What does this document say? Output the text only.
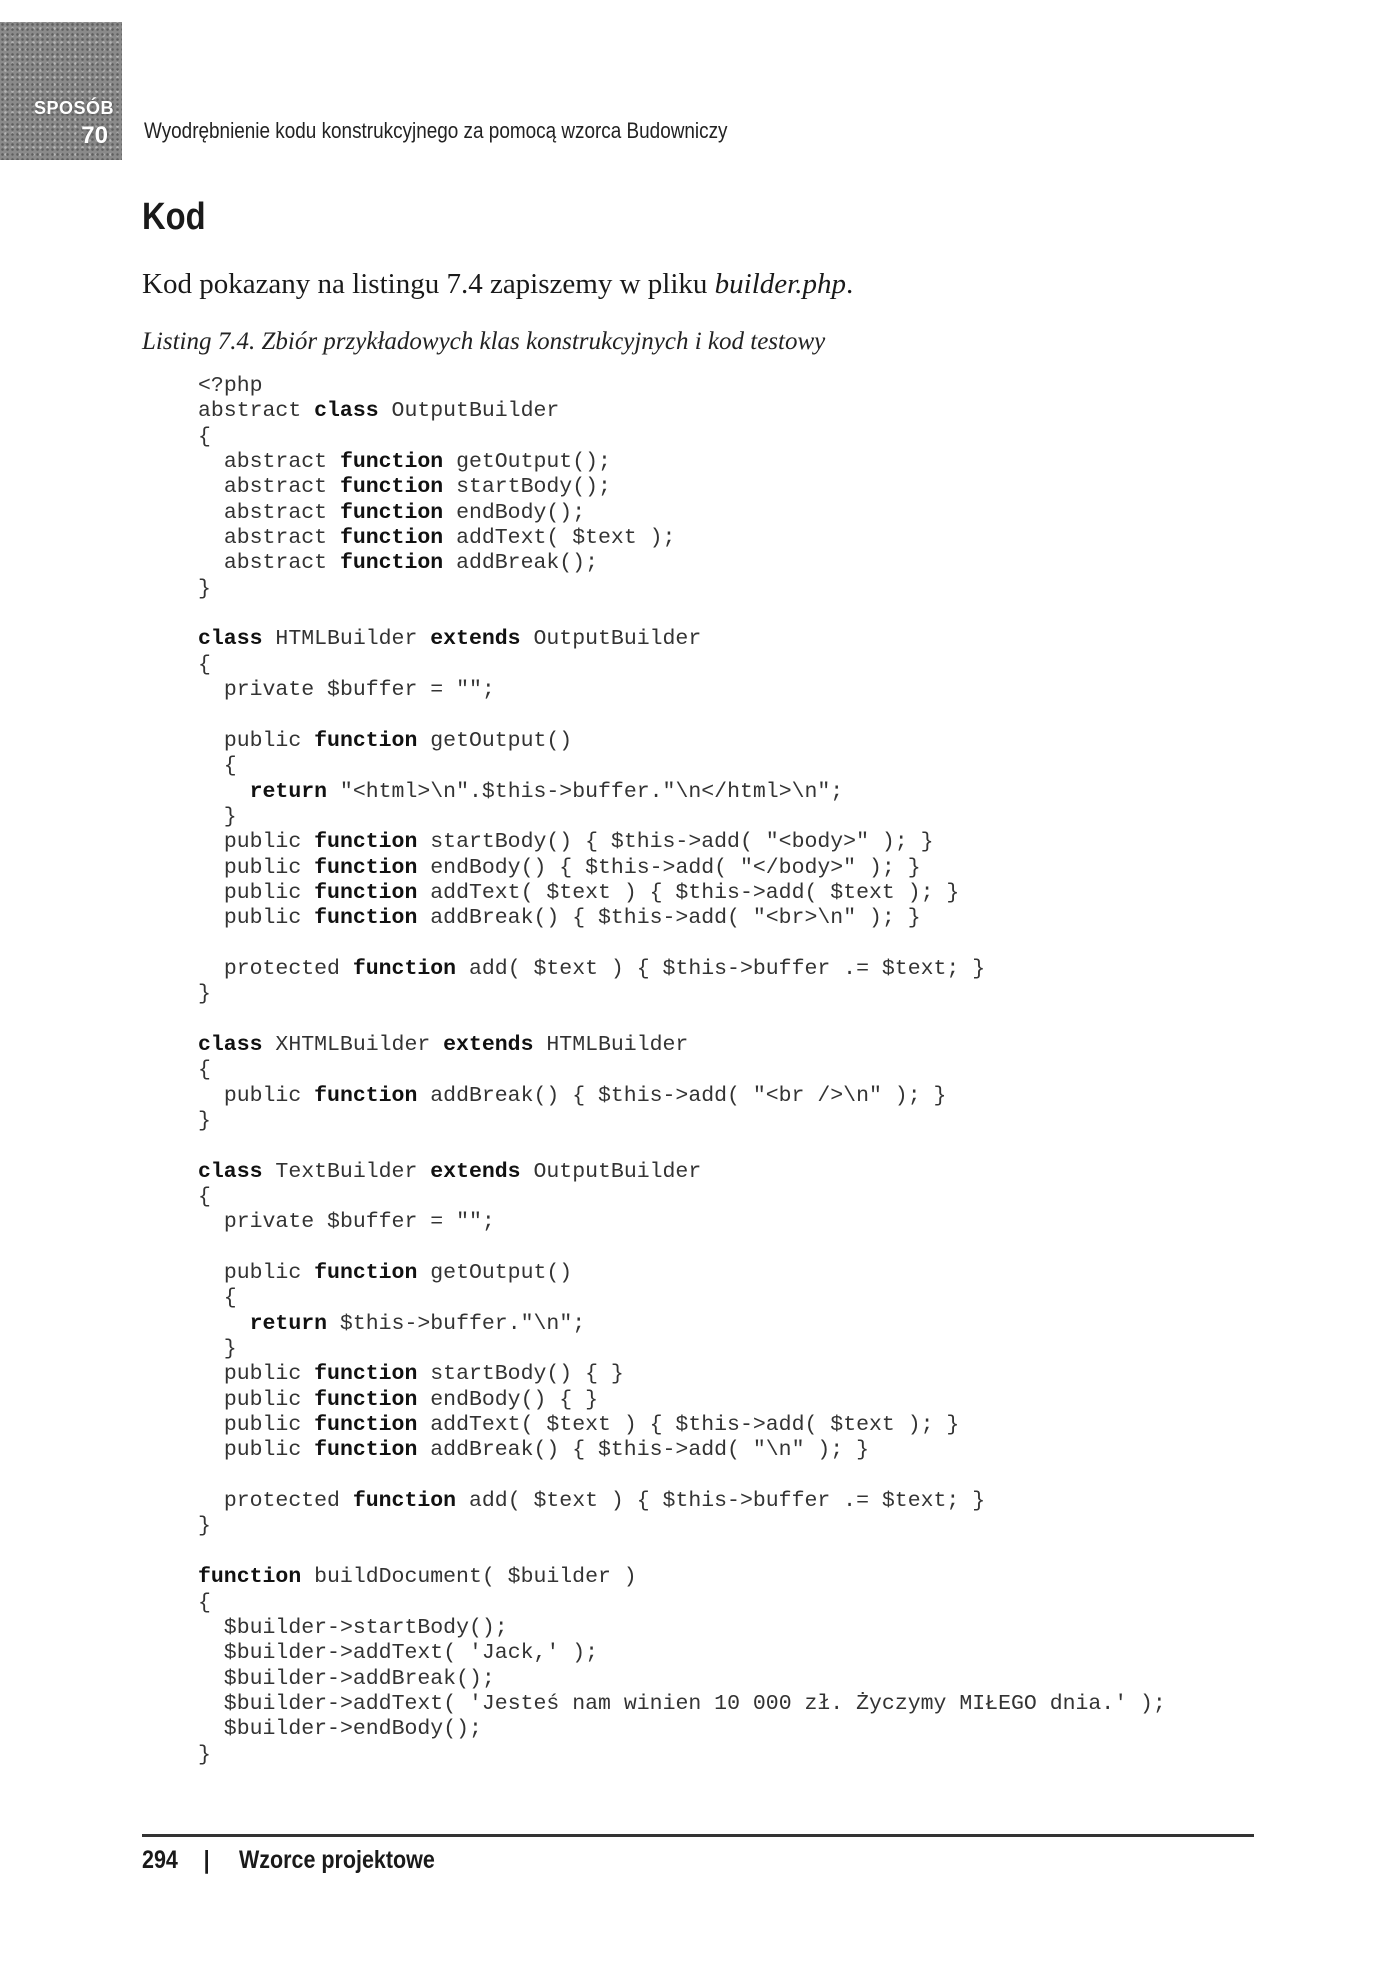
SPOSÓB
70 Wyodrębnienie kodu konstrukcyjnego za pomocą wzorca Budowniczy
Kod

Kod pokazany na listingu 7.4 zapiszemy w pliku builder.php.

Listing 7.4. Zbiór przykładowych klas konstrukcyjnych i kod testowy

<?php
abstract class OutputBuilder
{
abstract function getOutput();
abstract function startBody();
abstract function endBody();
abstract function addText( $text );
abstract function addBreak();
}

class HTMLBuilder extends OutputBuilder
{
private $buffer = "";

public function getOutput()
{
return "<html>\n".$this->buffer."\n</html>\n";
}
public function startBody() { $this->add( "<body>" ); }
public function endBody() { $this->add( "</body>" ); }
public function addText( $text ) { $this->add( $text ); }
public function addBreak() { $this->add( "<br>\n" ); }

protected function add( $text ) { $this->buffer .= $text; }
}

class XHTMLBuilder extends HTMLBuilder
{
public function addBreak() { $this->add( "<br />\n" ); }
}

class TextBuilder extends OutputBuilder
{
private $buffer = "";

public function getOutput()
{
return $this->buffer."\n";
}
public function startBody() { }
public function endBody() { }
public function addText( $text ) { $this->add( $text ); }
public function addBreak() { $this->add( "\n" ); }

protected function add( $text ) { $this->buffer .= $text; }
}

function buildDocument( $builder )
{
$builder->startBody();
$builder->addText( 'Jack,' );
$builder->addBreak();
$builder->addText( 'Jesteś nam winien 10 000 zł. Życzymy MIŁEGO dnia.' );
$builder->endBody();
}
294 | Wzorce projektowe
